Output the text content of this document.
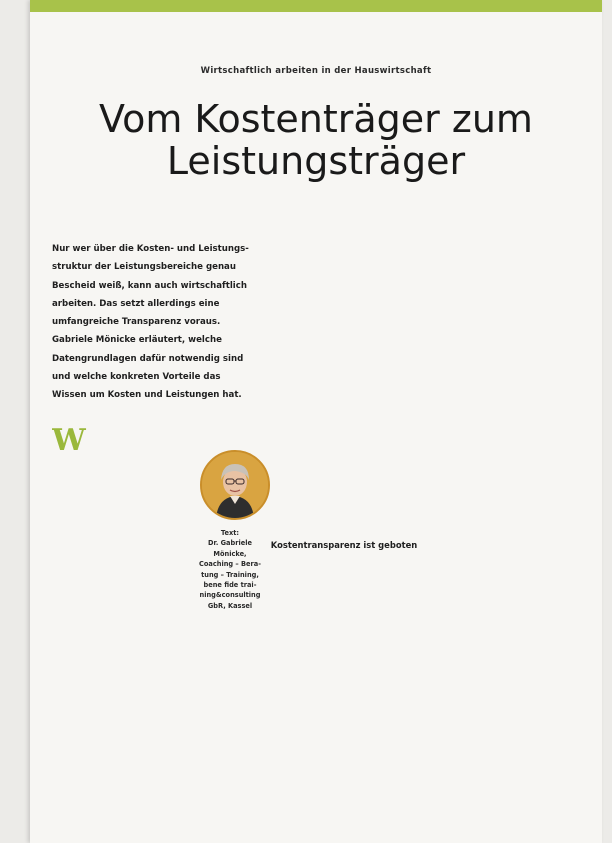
Wirtschaftlich arbeiten in der Hauswirtschaft
Vom Kostenträger zum
Leistungsträger

Nur wer über die Kosten- und Leistungs-
struktur der Leistungsbereiche genau
Bescheid weiß, kann auch wirtschaftlich
arbeiten. Das setzt allerdings eine
umfangreiche Transparenz voraus.
Gabriele Mönicke erläutert, welche
Datengrundlagen dafür notwendig sind
und welche konkreten Vorteile das
Wissen um Kosten und Leistungen hat.

W

Text:
Dr. Gabriele
Mönicke,
Coaching – Bera-
tung – Training,
bene fide trai-
ning&consulting
GbR, Kassel

Kostentransparenz ist geboten
